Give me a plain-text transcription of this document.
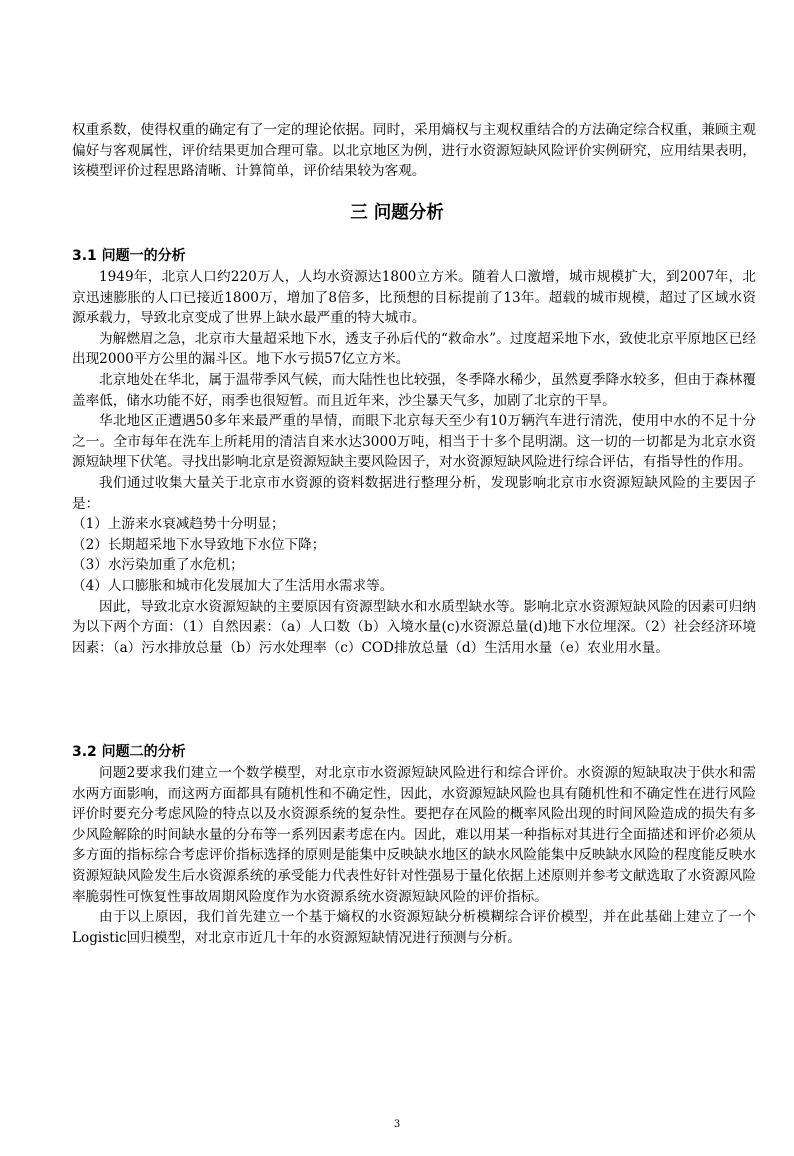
权重系数，使得权重的确定有了一定的理论依据。同时，采用熵权与主观权重结合的方法确定综合权重，兼顾主观偏好与客观属性，评价结果更加合理可靠。以北京地区为例，进行水资源短缺风险评价实例研究，应用结果表明，该模型评价过程思路清晰、计算简单，评价结果较为客观。

三 问题分析
3.1 问题一的分析

1949年，北京人口约220万人，人均水资源达1800立方米。随着人口激增，城市规模扩大，到2007年，北京迅速膨胀的人口已接近1800万，增加了8倍多，比预想的目标提前了13年。超载的城市规模，超过了区域水资源承载力，导致北京变成了世界上缺水最严重的特大城市。

为解燃眉之急，北京市大量超采地下水，透支子孙后代的“救命水”。过度超采地下水，致使北京平原地区已经出现2000平方公里的漏斗区。地下水亏损57亿立方米。

北京地处在华北，属于温带季风气候，而大陆性也比较强，冬季降水稀少，虽然夏季降水较多，但由于森林覆盖率低，储水功能不好，雨季也很短暂。而且近年来，沙尘暴天气多，加剧了北京的干旱。

华北地区正遭遇50多年来最严重的旱情，而眼下北京每天至少有10万辆汽车进行清洗，使用中水的不足十分之一。全市每年在洗车上所耗用的清洁自来水达3000万吨，相当于十多个昆明湖。这一切的一切都是为北京水资源短缺埋下伏笔。寻找出影响北京是资源短缺主要风险因子，对水资源短缺风险进行综合评估，有指导性的作用。

我们通过收集大量关于北京市水资源的资料数据进行整理分析，发现影响北京市水资源短缺风险的主要因子是：

（1）上游来水衰减趋势十分明显；

（2）长期超采地下水导致地下水位下降；

（3）水污染加重了水危机；

（4）人口膨胀和城市化发展加大了生活用水需求等。

因此，导致北京水资源短缺的主要原因有资源型缺水和水质型缺水等。影响北京水资源短缺风险的因素可归纳为以下两个方面：（1）自然因素：（a）人口数（b）入境水量(c)水资源总量(d)地下水位埋深。（2）社会经济环境因素：（a）污水排放总量（b）污水处理率（c）COD排放总量（d）生活用水量（e）农业用水量。

3.2 问题二的分析

问题2要求我们建立一个数学模型，对北京市水资源短缺风险进行和综合评价。水资源的短缺取决于供水和需水两方面影响，而这两方面都具有随机性和不确定性，因此，水资源短缺风险也具有随机性和不确定性在进行风险评价时要充分考虑风险的特点以及水资源系统的复杂性。要把存在风险的概率风险出现的时间风险造成的损失有多少风险解除的时间缺水量的分布等一系列因素考虑在内。因此，难以用某一种指标对其进行全面描述和评价必须从多方面的指标综合考虑评价指标选择的原则是能集中反映缺水地区的缺水风险能集中反映缺水风险的程度能反映水资源短缺风险发生后水资源系统的承受能力代表性好针对性强易于量化依据上述原则并参考文献选取了水资源风险率脆弱性可恢复性事故周期风险度作为水资源系统水资源短缺风险的评价指标。

由于以上原因，我们首先建立一个基于熵权的水资源短缺分析模糊综合评价模型，并在此基础上建立了一个Logistic回归模型，对北京市近几十年的水资源短缺情况进行预测与分析。

3
